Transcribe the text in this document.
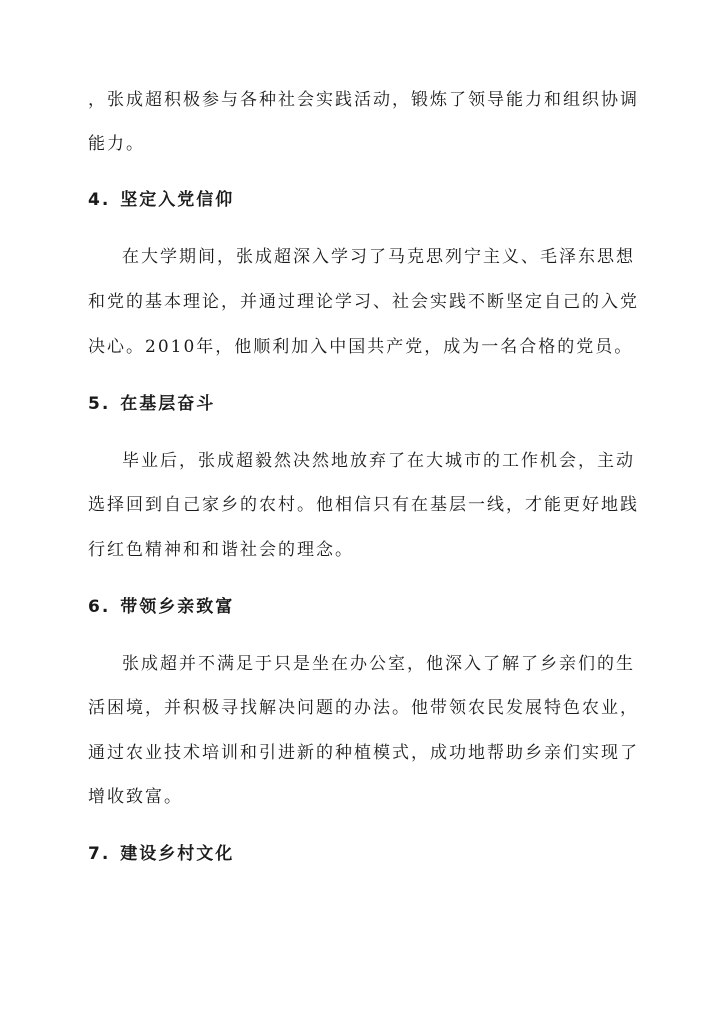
，张成超积极参与各种社会实践活动，锻炼了领导能力和组织协调
能力。
4. 坚定入党信仰
在大学期间，张成超深入学习了马克思列宁主义、毛泽东思想
和党的基本理论，并通过理论学习、社会实践不断坚定自己的入党
决心。2010年，他顺利加入中国共产党，成为一名合格的党员。
5. 在基层奋斗
毕业后，张成超毅然决然地放弃了在大城市的工作机会，主动
选择回到自己家乡的农村。他相信只有在基层一线，才能更好地践
行红色精神和和谐社会的理念。
6. 带领乡亲致富
张成超并不满足于只是坐在办公室，他深入了解了乡亲们的生
活困境，并积极寻找解决问题的办法。他带领农民发展特色农业，
通过农业技术培训和引进新的种植模式，成功地帮助乡亲们实现了
增收致富。
7. 建设乡村文化
